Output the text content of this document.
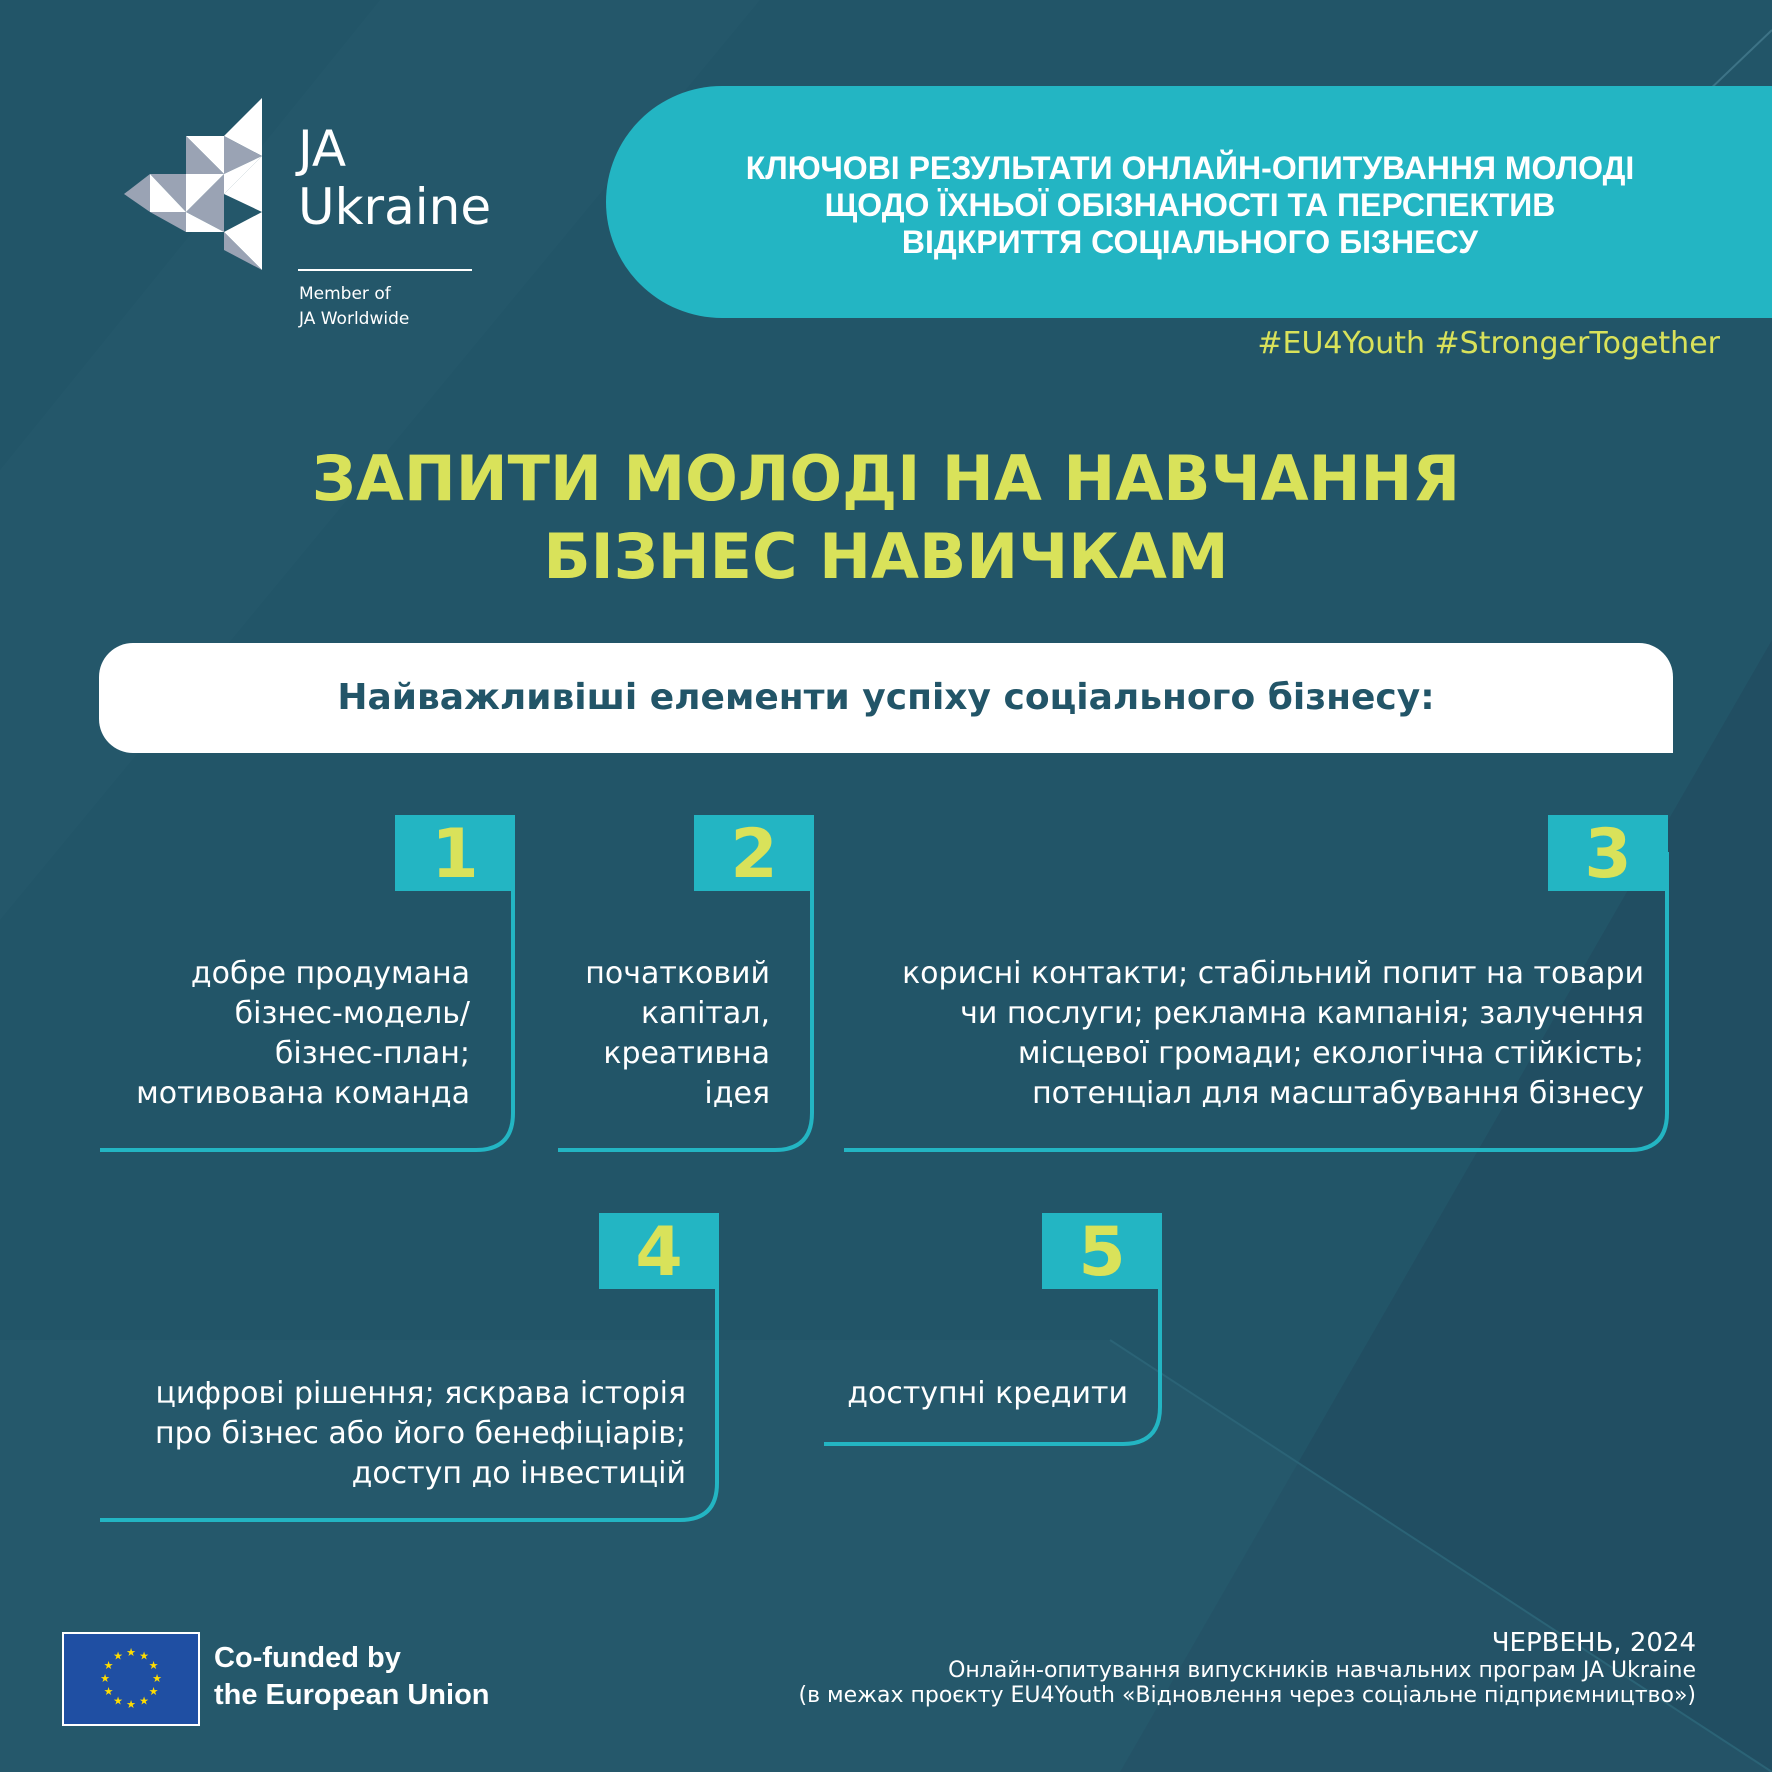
JA
Ukraine
Member of
JA Worldwide
КЛЮЧОВІ РЕЗУЛЬТАТИ ОНЛАЙН-ОПИТУВАННЯ МОЛОДІ
ЩОДО ЇХНЬОЇ ОБІЗНАНОСТІ ТА ПЕРСПЕКТИВ
ВІДКРИТТЯ СОЦІАЛЬНОГО БІЗНЕСУ
#EU4Youth #StrongerTogether
ЗАПИТИ МОЛОДІ НА НАВЧАННЯ
БІЗНЕС НАВИЧКАМ
Найважливіші елементи успіху соціального бізнесу:
1
добре продумана
бізнес-модель/
бізнес-план;
мотивована команда
2
початковий
капітал,
креативна
ідея
3
корисні контакти; стабільний попит на товари
чи послуги; рекламна кампанія; залучення
місцевої громади; екологічна стійкість;
потенціал для масштабування бізнесу
4
цифрові рішення; яскрава історія
про бізнес або його бенефіціарів;
доступ до інвестицій
5
доступні кредити
★ ★
★
★
★
★
★
★
★
★
★
★	Co-funded by
the European Union
ЧЕРВЕНЬ, 2024
Онлайн-опитування випускників навчальних програм JA Ukraine
(в межах проєкту EU4Youth «Відновлення через соціальне підприємництво»)
